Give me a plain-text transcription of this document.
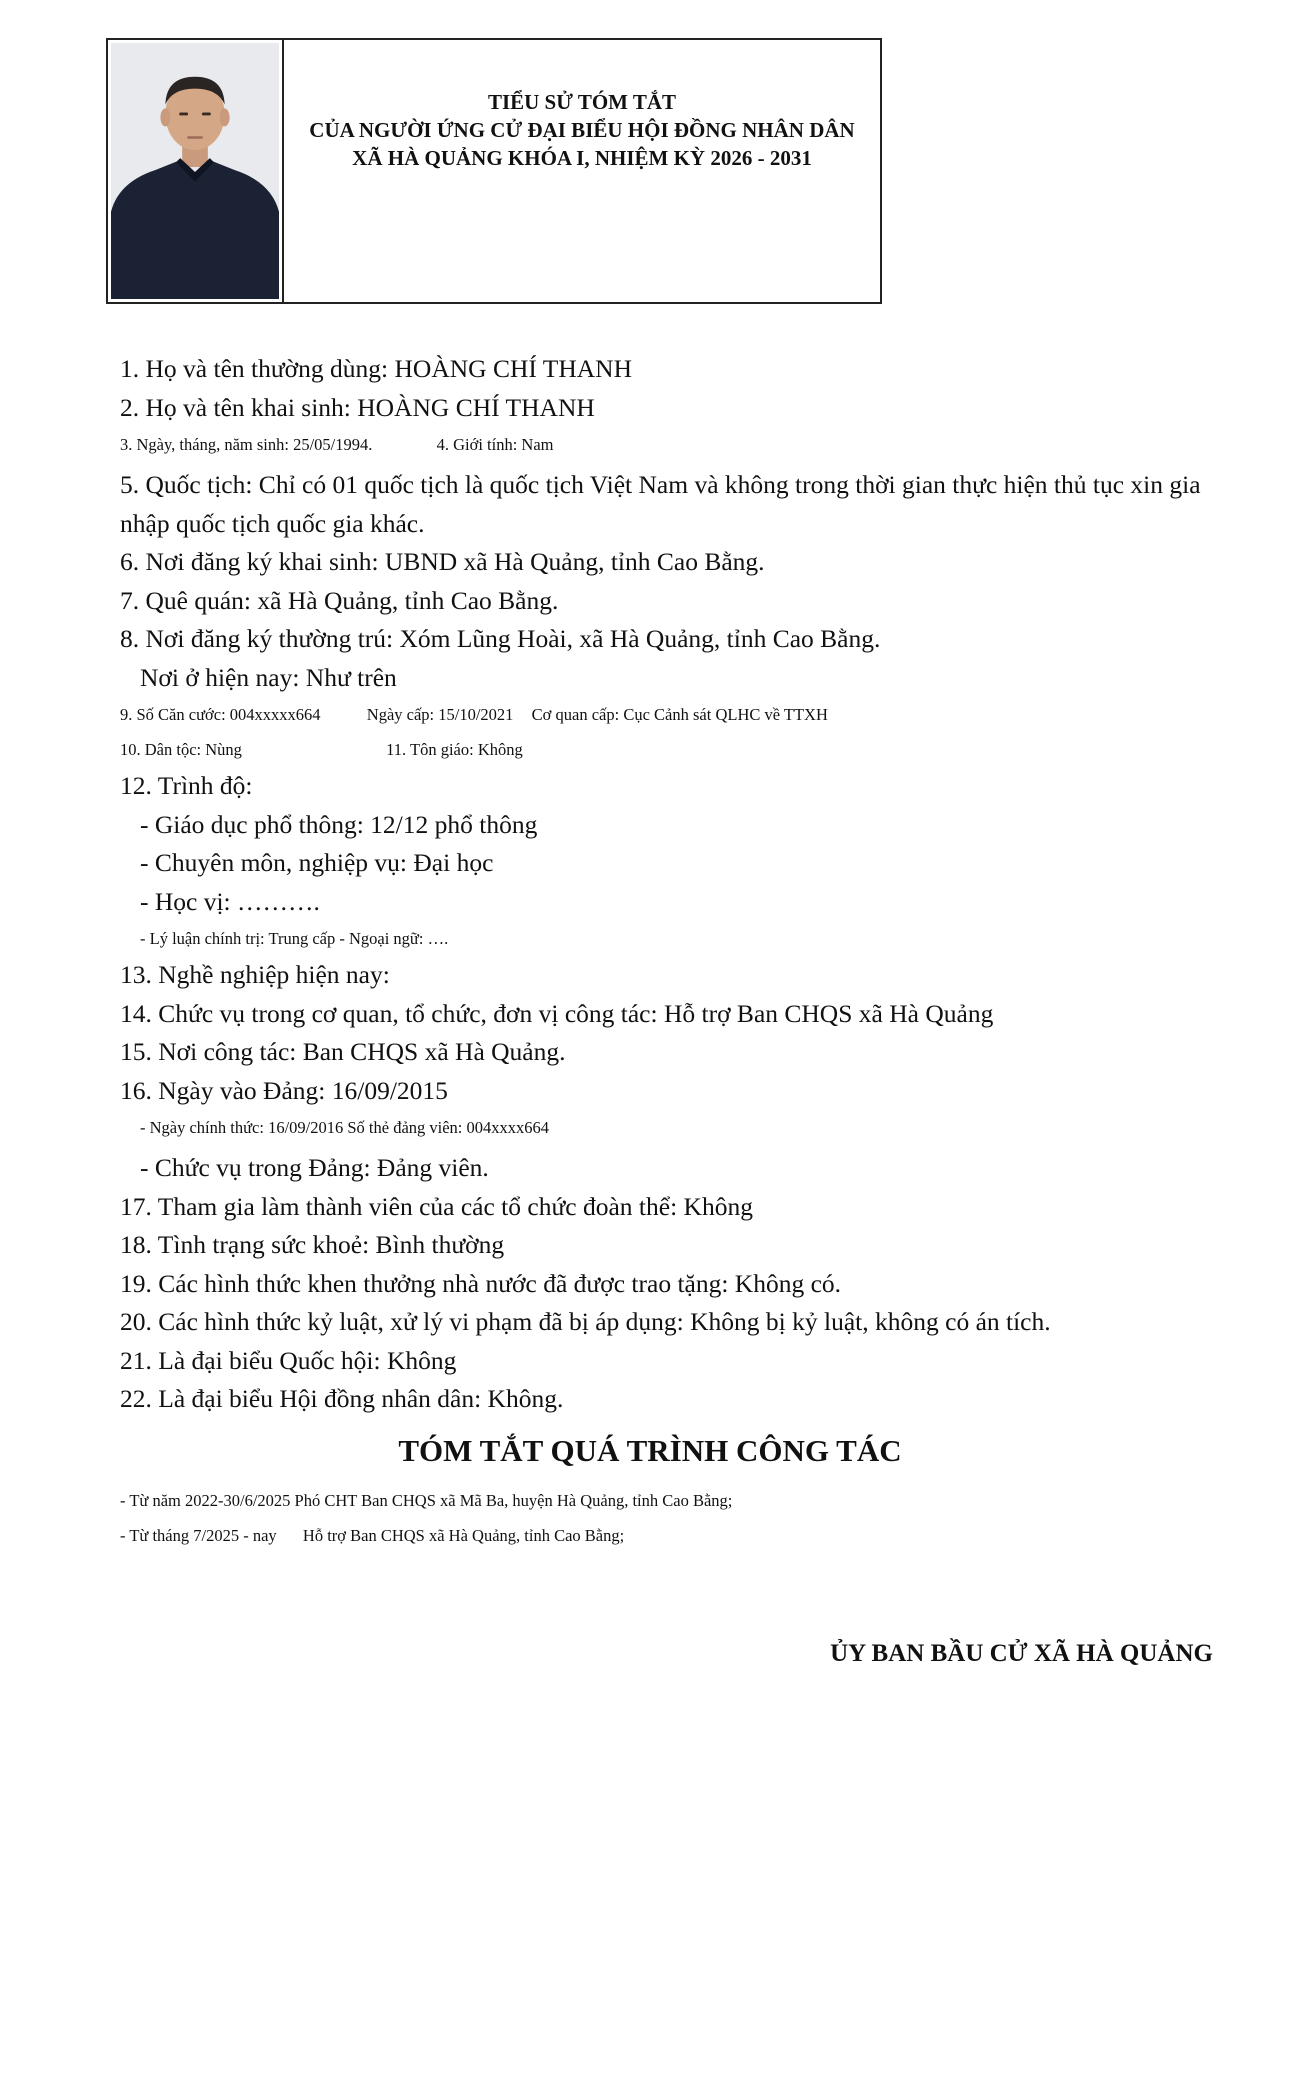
TIỂU SỬ TÓM TẮT
CỦA NGƯỜI ỨNG CỬ ĐẠI BIỂU HỘI ĐỒNG NHÂN DÂN
XÃ HÀ QUẢNG KHÓA I, NHIỆM KỲ 2026 - 2031
1. Họ và tên thường dùng: HOÀNG CHÍ THANH
2. Họ và tên khai sinh: HOÀNG CHÍ THANH
3. Ngày, tháng, năm sinh: 25/05/1994.	4. Giới tính: Nam
5. Quốc tịch: Chỉ có 01 quốc tịch là quốc tịch Việt Nam và không trong thời gian thực hiện thủ tục xin gia nhập quốc tịch quốc gia khác.
6. Nơi đăng ký khai sinh: UBND xã Hà Quảng, tỉnh Cao Bằng.
7. Quê quán: xã Hà Quảng, tỉnh Cao Bằng.
8. Nơi đăng ký thường trú: Xóm Lũng Hoài, xã Hà Quảng, tỉnh Cao Bằng.
Nơi ở hiện nay: Như trên
9. Số Căn cước: 004xxxxx664	Ngày cấp: 15/10/2021 Cơ quan cấp: Cục Cảnh sát QLHC về TTXH
10. Dân tộc: Nùng	11. Tôn giáo: Không
12. Trình độ:
- Giáo dục phổ thông: 12/12 phổ thông
- Chuyên môn, nghiệp vụ: Đại học
- Học vị: ……….
- Lý luận chính trị: Trung cấp - Ngoại ngữ: ….
13. Nghề nghiệp hiện nay:
14. Chức vụ trong cơ quan, tổ chức, đơn vị công tác: Hỗ trợ Ban CHQS xã Hà Quảng
15. Nơi công tác: Ban CHQS xã Hà Quảng.
16. Ngày vào Đảng: 16/09/2015
- Ngày chính thức: 16/09/2016 Số thẻ đảng viên: 004xxxx664
- Chức vụ trong Đảng: Đảng viên.
17. Tham gia làm thành viên của các tổ chức đoàn thể: Không
18. Tình trạng sức khoẻ: Bình thường
19. Các hình thức khen thưởng nhà nước đã được trao tặng: Không có.
20. Các hình thức kỷ luật, xử lý vi phạm đã bị áp dụng: Không bị kỷ luật, không có án tích.
21. Là đại biểu Quốc hội: Không
22. Là đại biểu Hội đồng nhân dân: Không.
TÓM TẮT QUÁ TRÌNH CÔNG TÁC
- Từ năm 2022-30/6/2025 Phó CHT Ban CHQS xã Mã Ba, huyện Hà Quảng, tỉnh Cao Bằng;
- Từ tháng 7/2025 - nay Hỗ trợ Ban CHQS xã Hà Quảng, tỉnh Cao Bằng;
ỦY BAN BẦU CỬ XÃ HÀ QUẢNG
